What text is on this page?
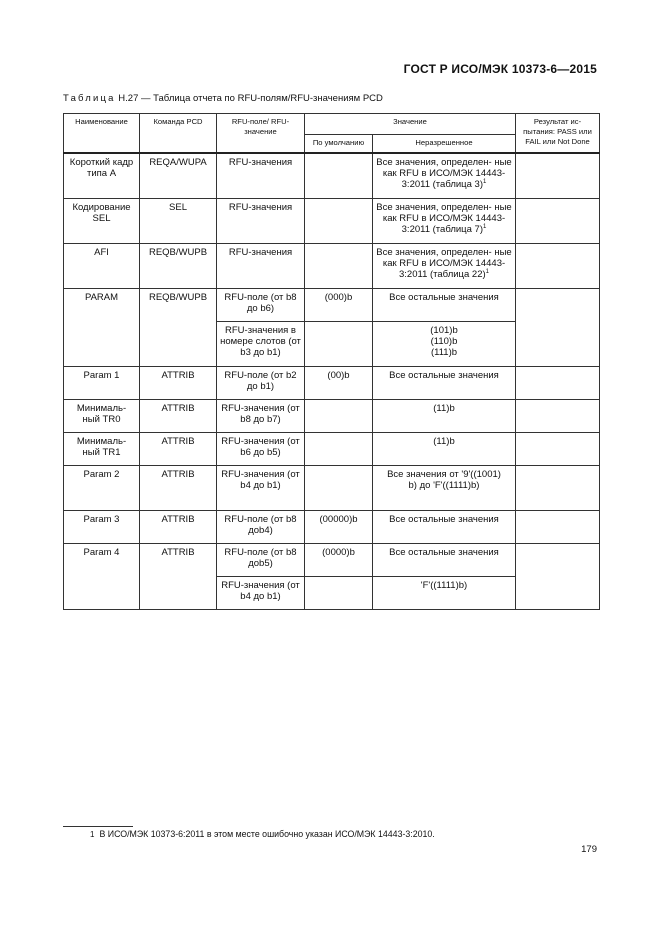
ГОСТ Р ИСО/МЭК 10373-6—2015
Таблица Н.27 — Таблица отчета по RFU-полям/RFU-значениям PCD
Наименование	Команда PCD	RFU-поле/ RFU-значение	Значение		Результат ис- пытания: PASS или FAIL или Not Done
			По умолчанию	Неразрешенное	
Короткий кадр типа А	REQA/WUPA	RFU-значения		Все значения, определен- ные как RFU в ИСО/МЭК 14443-3:2011 (таблица 3)$^1$	
Кодирование SEL	SEL	RFU-значения		Все значения, определен- ные как RFU в ИСО/МЭК 14443-3:2011 (таблица 7)$^1$	
AFI	REQB/WUPB	RFU-значения		Все значения, определен- ные как RFU в ИСО/МЭК 14443-3:2011 (таблица 22)$^1$	
PARAM	REQB/WUPB	RFU-поле (от b8 до b6)	(000)b	Все остальные значения	
		RFU-значения в номере слотов (от b3 до b1)		(101)b (110)b (111)b	
Param 1	ATTRIB	RFU-поле (от b2 до b1)	(00)b	Все остальные значения	
Минималь- ный TR0	ATTRIB	RFU-значения (от b8 до b7)		(11)b	
Минималь- ный TR1	ATTRIB	RFU-значения (от b6 до b5)		(11)b	
Param 2	ATTRIB	RFU-значения (от b4 до b1)		Все значения от '9'((1001) b) до 'F'((1111)b)	
Param 3	ATTRIB	RFU-поле (от b8 доb4)	(00000)b	Все остальные значения	
Param 4	ATTRIB	RFU-поле (от b8 доb5)	(0000)b	Все остальные значения	
		RFU-значения (от b4 до b1)		'F'((1111)b)	
1 В ИСО/МЭК 10373-6:2011 в этом месте ошибочно указан ИСО/МЭК 14443-3:2010.
179
